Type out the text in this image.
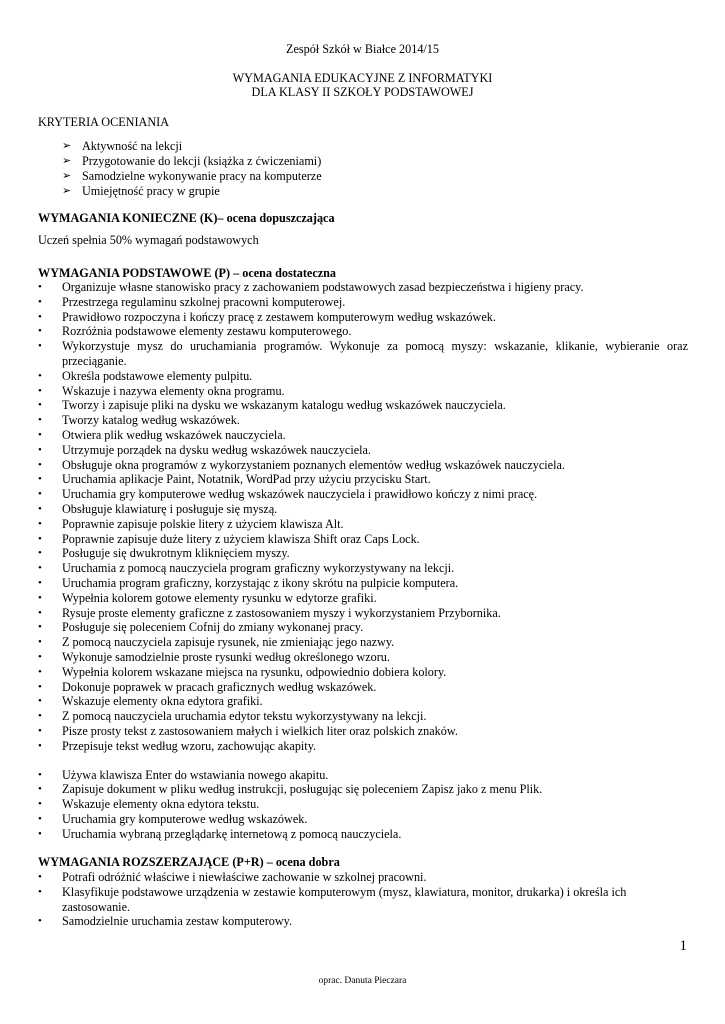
Zespół Szkół w Białce 2014/15
WYMAGANIA EDUKACYJNE Z INFORMATYKI
DLA KLASY II SZKOŁY PODSTAWOWEJ
KRYTERIA OCENIANIA
➢ Aktywność na lekcji
➢ Przygotowanie do lekcji (książka z ćwiczeniami)
➢ Samodzielne wykonywanie pracy na komputerze
➢ Umiejętność pracy w grupie
WYMAGANIA KONIECZNE (K)– ocena dopuszczająca
Uczeń spełnia 50% wymagań podstawowych
WYMAGANIA PODSTAWOWE (P) – ocena dostateczna
• Organizuje własne stanowisko pracy z zachowaniem podstawowych zasad bezpieczeństwa i higieny pracy.
• Przestrzega regulaminu szkolnej pracowni komputerowej.
• Prawidłowo rozpoczyna i kończy pracę z zestawem komputerowym według wskazówek.
• Rozróżnia podstawowe elementy zestawu komputerowego.
• Wykorzystuje mysz do uruchamiania programów. Wykonuje za pomocą myszy: wskazanie, klikanie, wybieranie oraz przeciąganie.
• Określa podstawowe elementy pulpitu.
• Wskazuje i nazywa elementy okna programu.
• Tworzy i zapisuje pliki na dysku we wskazanym katalogu według wskazówek nauczyciela.
• Tworzy katalog według wskazówek.
• Otwiera plik według wskazówek nauczyciela.
• Utrzymuje porządek na dysku według wskazówek nauczyciela.
• Obsługuje okna programów z wykorzystaniem poznanych elementów według wskazówek nauczyciela.
• Uruchamia aplikacje Paint, Notatnik, WordPad przy użyciu przycisku Start.
• Uruchamia gry komputerowe według wskazówek nauczyciela i prawidłowo kończy z nimi pracę.
• Obsługuje klawiaturę i posługuje się myszą.
• Poprawnie zapisuje polskie litery z użyciem klawisza Alt.
• Poprawnie zapisuje duże litery z użyciem klawisza Shift oraz Caps Lock.
• Posługuje się dwukrotnym kliknięciem myszy.
• Uruchamia z pomocą nauczyciela program graficzny wykorzystywany na lekcji.
• Uruchamia program graficzny, korzystając z ikony skrótu na pulpicie komputera.
• Wypełnia kolorem gotowe elementy rysunku w edytorze grafiki.
• Rysuje proste elementy graficzne z zastosowaniem myszy i wykorzystaniem Przybornika.
• Posługuje się poleceniem Cofnij do zmiany wykonanej pracy.
• Z pomocą nauczyciela zapisuje rysunek, nie zmieniając jego nazwy.
• Wykonuje samodzielnie proste rysunki według określonego wzoru.
• Wypełnia kolorem wskazane miejsca na rysunku, odpowiednio dobiera kolory.
• Dokonuje poprawek w pracach graficznych według wskazówek.
• Wskazuje elementy okna edytora grafiki.
• Z pomocą nauczyciela uruchamia edytor tekstu wykorzystywany na lekcji.
• Pisze prosty tekst z zastosowaniem małych i wielkich liter oraz polskich znaków.
• Przepisuje tekst według wzoru, zachowując akapity.
• Używa klawisza Enter do wstawiania nowego akapitu.
• Zapisuje dokument w pliku według instrukcji, posługując się poleceniem Zapisz jako z menu Plik.
• Wskazuje elementy okna edytora tekstu.
• Uruchamia gry komputerowe według wskazówek.
• Uruchamia wybraną przeglądarkę internetową z pomocą nauczyciela.
WYMAGANIA ROZSZERZAJĄCE (P+R) – ocena dobra
• Potrafi odróżnić właściwe i niewłaściwe zachowanie w szkolnej pracowni.
• Klasyfikuje podstawowe urządzenia w zestawie komputerowym (mysz, klawiatura, monitor, drukarka) i określa ich zastosowanie.
• Samodzielnie uruchamia zestaw komputerowy.
1
oprac. Danuta Pieczara
